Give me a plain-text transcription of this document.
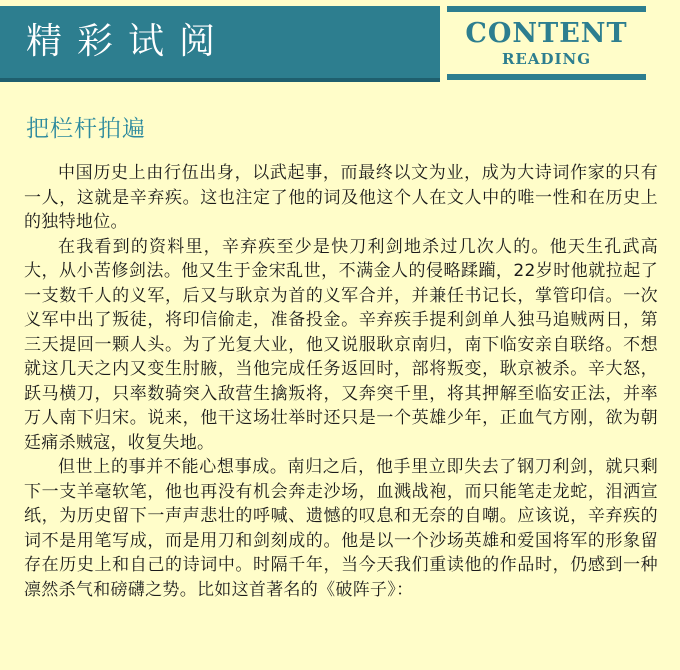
精彩试阅	CONTENT
READING
把栏杆拍遍

中国历史上由行伍出身，以武起事，而最终以文为业，成为大诗词作家的只有一人，这就是辛弃疾。这也注定了他的词及他这个人在文人中的唯一性和在历史上的独特地位。

在我看到的资料里，辛弃疾至少是快刀利剑地杀过几次人的。他天生孔武高大，从小苦修剑法。他又生于金宋乱世，不满金人的侵略蹂躏，22岁时他就拉起了一支数千人的义军，后又与耿京为首的义军合并，并兼任书记长，掌管印信。一次义军中出了叛徒，将印信偷走，准备投金。辛弃疾手提利剑单人独马追贼两日，第三天提回一颗人头。为了光复大业，他又说服耿京南归，南下临安亲自联络。不想就这几天之内又变生肘腋，当他完成任务返回时，部将叛变，耿京被杀。辛大怒，跃马横刀，只率数骑突入敌营生擒叛将，又奔突千里，将其押解至临安正法，并率万人南下归宋。说来，他干这场壮举时还只是一个英雄少年，正血气方刚，欲为朝廷痛杀贼寇，收复失地。

但世上的事并不能心想事成。南归之后，他手里立即失去了钢刀利剑，就只剩下一支羊毫软笔，他也再没有机会奔走沙场，血溅战袍，而只能笔走龙蛇，泪洒宣纸，为历史留下一声声悲壮的呼喊、遗憾的叹息和无奈的自嘲。应该说，辛弃疾的词不是用笔写成，而是用刀和剑刻成的。他是以一个沙场英雄和爱国将军的形象留存在历史上和自己的诗词中。时隔千年，当今天我们重读他的作品时，仍感到一种凛然杀气和磅礴之势。比如这首著名的《破阵子》：
